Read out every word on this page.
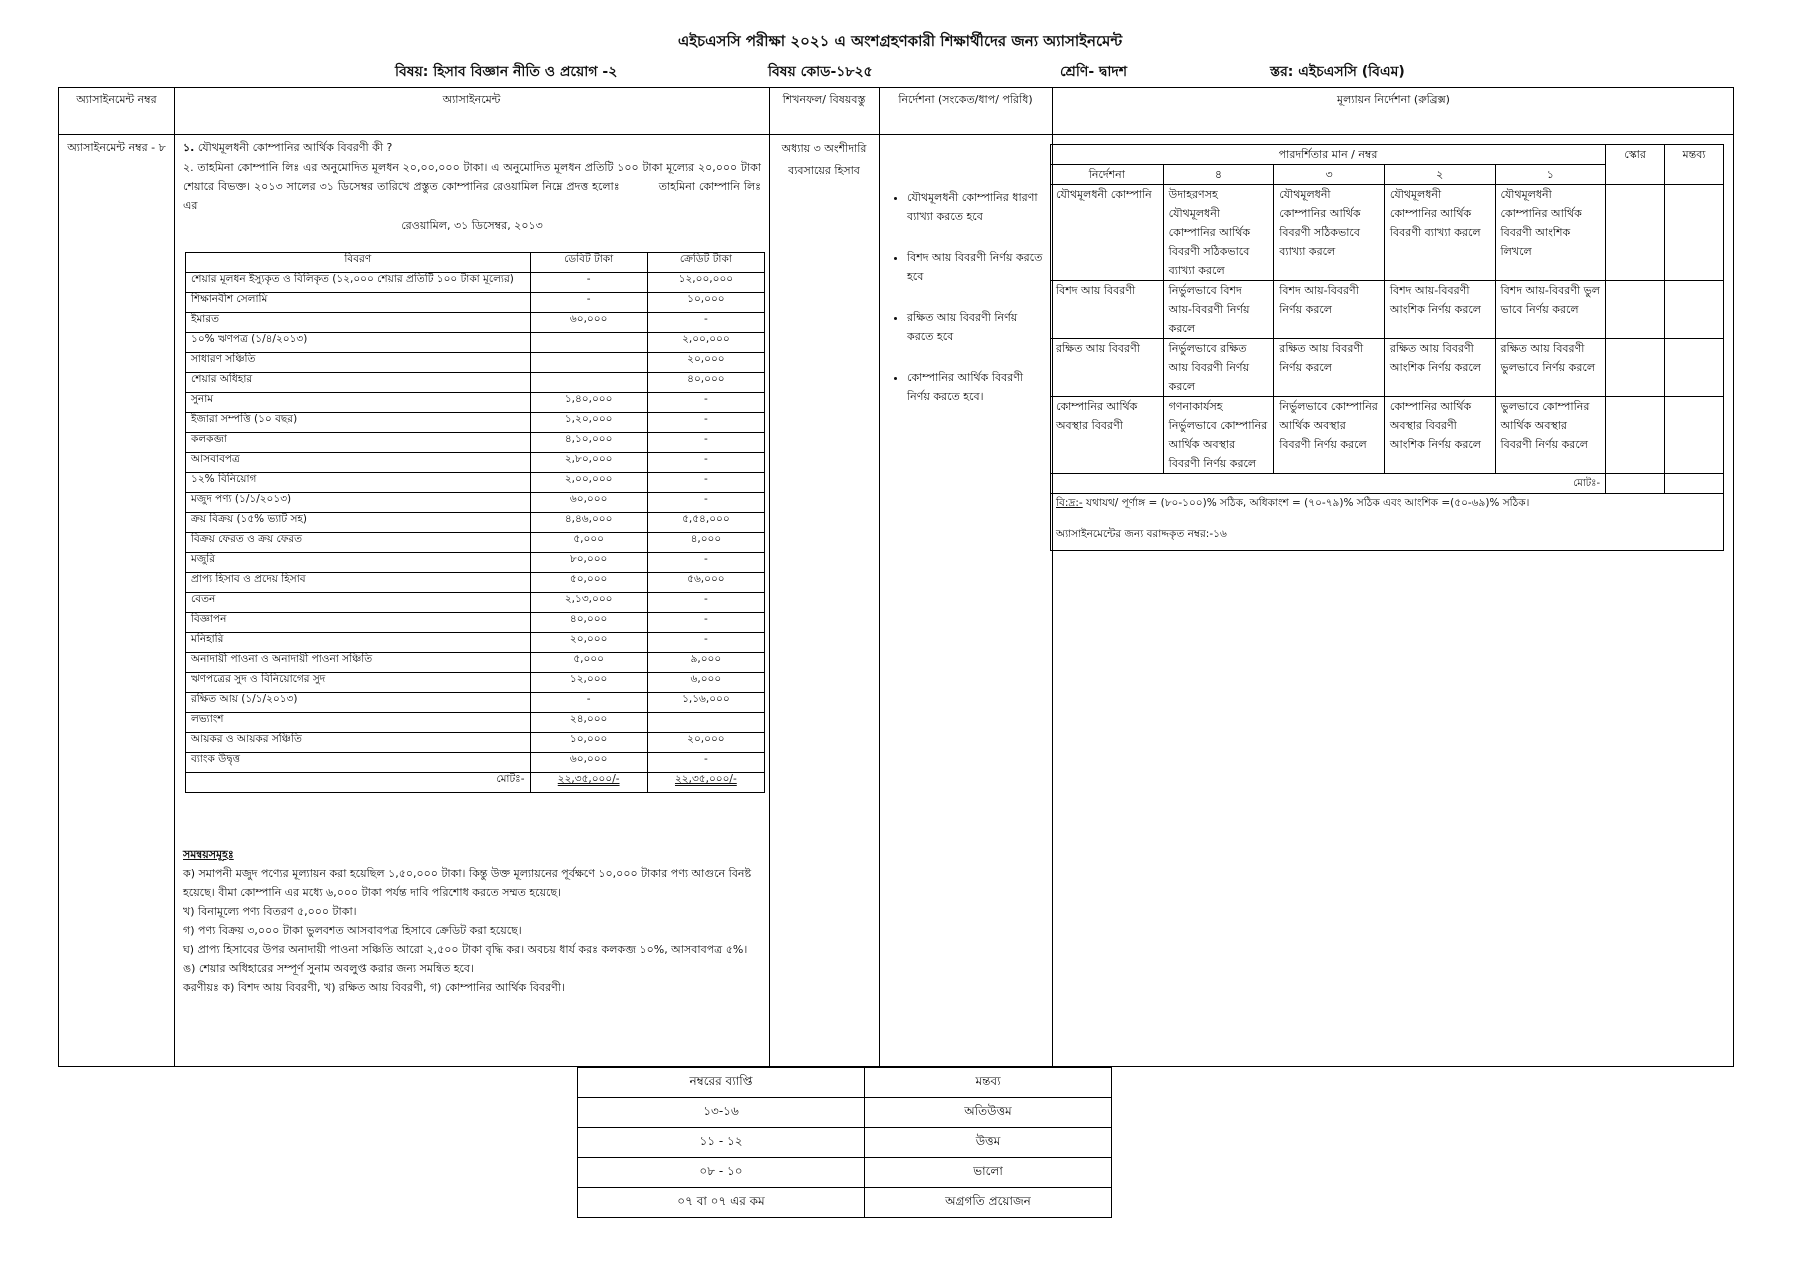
এইচএসসি পরীক্ষা ২০২১ এ অংশগ্রহণকারী শিক্ষার্থীদের জন্য অ্যাসাইনমেন্ট
বিষয়: হিসাব বিজ্ঞান নীতি ও প্রয়োগ -২	বিষয় কোড-১৮২৫	শ্রেণি- দ্বাদশ	স্তর: এইচএসসি (বিএম)
অ্যাসাইনমেন্ট নম্বর	অ্যাসাইনমেন্ট	শিখনফল/ বিষয়বস্তু	নির্দেশনা (সংকেত/ধাপ/ পরিধি)	মূল্যায়ন নির্দেশনা (রুব্রিক্স)
অ্যাসাইনমেন্ট নম্বর - ৮	১. যৌথমূলধনী কোম্পানির আর্থিক বিবরণী কী ?
২. তাহমিনা কোম্পানি লিঃ এর অনুমোদিত মূলধন ২০,০০,০০০ টাকা। এ অনুমোদিত মূলধন প্রতিটি ১০০ টাকা মূল্যের ২০,০০০ টাকা শেয়ারে বিভক্ত। ২০১৩ সালের ৩১ ডিসেম্বর তারিখে প্রস্তুত কোম্পানির রেওয়ামিল নিম্নে প্রদত্ত হলোঃ	তাহমিনা কোম্পানি লিঃ এর
রেওয়ামিল, ৩১ ডিসেম্বর, ২০১৩
বিবরণ	ডেবিট টাকা	ক্রেডিট টাকা
শেয়ার মূলধন ইস্যুকৃত ও বিলিকৃত (১২,০০০ শেয়ার প্রতিটি ১০০ টাকা মূল্যের)	-	১২,০০,০০০
শিক্ষানবীশ সেলামি	-	১০,০০০
ইমারত	৬০,০০০	-
১০% ঋণপত্র (১/৪/২০১৩)		২,০০,০০০
সাধারণ সঞ্চিতি		২০,০০০
শেয়ার অধিহার		৪০,০০০
সুনাম	১,৪০,০০০	-
ইজারা সম্পত্তি (১০ বছর)	১,২০,০০০	-
কলকব্জা	৪,১০,০০০	-
আসবাবপত্র	২,৮০,০০০	-
১২% বিনিয়োগ	২,০০,০০০	-
মজুদ পণ্য (১/১/২০১৩)	৬০,০০০	-
ক্রয় বিক্রয় (১৫% ভ্যাট সহ)	৪,৪৬,০০০	৫,৫৪,০০০
বিক্রয় ফেরত ও ক্রয় ফেরত	৫,০০০	৪,০০০
মজুরি	৮০,০০০	-
প্রাপ্য হিসাব ও প্রদেয় হিসাব	৫০,০০০	৫৬,০০০
বেতন	২,১৩,০০০	-
বিজ্ঞাপন	৪০,০০০	-
মনিহারি	২০,০০০	-
অনাদায়ী পাওনা ও অনাদায়ী পাওনা সঞ্চিতি	৫,০০০	৯,০০০
ঋণপত্রের সুদ ও বিনিয়োগের সুদ	১২,০০০	৬,০০০
রক্ষিত আয় (১/১/২০১৩)	-	১,১৬,০০০
লভ্যাংশ	২৪,০০০	
আয়কর ও আয়কর সঞ্চিতি	১০,০০০	২০,০০০
ব্যাংক উদ্বৃত্ত	৬০,০০০	-
মোটঃ-	২২,৩৫,০০০/-	২২,৩৫,০০০/-
সমন্বয়সমূহঃ
ক) সমাপনী মজুদ পণ্যের মূল্যায়ন করা হয়েছিল ১,৫০,০০০ টাকা। কিন্তু উক্ত মূল্যায়নের পূর্বক্ষণে ১০,০০০ টাকার পণ্য আগুনে বিনষ্ট হয়েছে। বীমা কোম্পানি এর মধ্যে ৬,০০০ টাকা পর্যন্ত দাবি পরিশোধ করতে সম্মত হয়েছে।
খ) বিনামূল্যে পণ্য বিতরণ ৫,০০০ টাকা।
গ) পণ্য বিক্রয় ৩,০০০ টাকা ভুলবশত আসবাবপত্র হিসাবে ক্রেডিট করা হয়েছে।
ঘ) প্রাপ্য হিসাবের উপর অনাদায়ী পাওনা সঞ্চিতি আরো ২,৫০০ টাকা বৃদ্ধি কর। অবচয় ধার্য করঃ কলকব্জ ১০%, আসবাবপত্র ৫%।
ঙ) শেয়ার অধিহারের সম্পূর্ণ সুনাম অবলুপ্ত করার জন্য সমন্বিত হবে।
করণীয়ঃ ক) বিশদ আয় বিবরণী, খ) রক্ষিত আয় বিবরণী, গ) কোম্পানির আর্থিক বিবরণী।
অধ্যায় ৩ অংশীদারি ব্যবসায়ের হিসাব
• যৌথমূলধনী কোম্পানির ধারণা ব্যাখ্যা করতে হবে
• বিশদ আয় বিবরণী নির্ণয় করতে হবে
• রক্ষিত আয় বিবরণী নির্ণয় করতে হবে
• কোম্পানির আর্থিক বিবরণী নির্ণয় করতে হবে।
পারদর্শিতার মান / নম্বর					স্কোর	মন্তব্য
নির্দেশনা	৪	৩	২	১		
যৌথমূলধনী কোম্পানি	উদাহরণসহ যৌথমূলধনী কোম্পানির আর্থিক বিবরণী সঠিকভাবে ব্যাখ্যা করলে	যৌথমূলধনী কোম্পানির আর্থিক বিবরণী সঠিকভাবে ব্যাখ্যা করলে	যৌথমূলধনী কোম্পানির আর্থিক বিবরণী ব্যাখ্যা করলে	যৌথমূলধনী কোম্পানির আর্থিক বিবরণী আংশিক লিখলে		
বিশদ আয় বিবরণী	নির্ভুলভাবে বিশদ আয়-বিবরণী নির্ণয় করলে	বিশদ আয়-বিবরণী নির্ণয় করলে	বিশদ আয়-বিবরণী আংশিক নির্ণয় করলে	বিশদ আয়-বিবরণী ভুল ভাবে নির্ণয় করলে		
রক্ষিত আয় বিবরণী	নির্ভুলভাবে রক্ষিত আয় বিবরণী নির্ণয় করলে	রক্ষিত আয় বিবরণী নির্ণয় করলে	রক্ষিত আয় বিবরণী আংশিক নির্ণয় করলে	রক্ষিত আয় বিবরণী ভুলভাবে নির্ণয় করলে		
কোম্পানির আর্থিক অবস্থার বিবরণী	গণনাকার্যসহ নির্ভুলভাবে কোম্পানির আর্থিক অবস্থার বিবরণী নির্ণয় করলে	নির্ভুলভাবে কোম্পানির আর্থিক অবস্থার বিবরণী নির্ণয় করলে	কোম্পানির আর্থিক অবস্থার বিবরণী আংশিক নির্ণয় করলে	ভুলভাবে কোম্পানির আর্থিক অবস্থার বিবরণী নির্ণয় করলে		
মোটঃ-						

বি:দ্র:- যথাযথ/ পূর্ণাঙ্গ = (৮০-১০০)% সঠিক, অধিকাংশ = (৭০-৭৯)% সঠিক এবং আংশিক =(৫০-৬৯)% সঠিক।
অ্যাসাইনমেন্টের জন্য বরাদ্দকৃত নম্বর:-১৬						
নম্বরের ব্যাপ্তি	মন্তব্য
১৩-১৬	অতিউত্তম
১১ - ১২	উত্তম
০৮ - ১০	ভালো
০৭ বা ০৭ এর কম	অগ্রগতি প্রয়োজন
